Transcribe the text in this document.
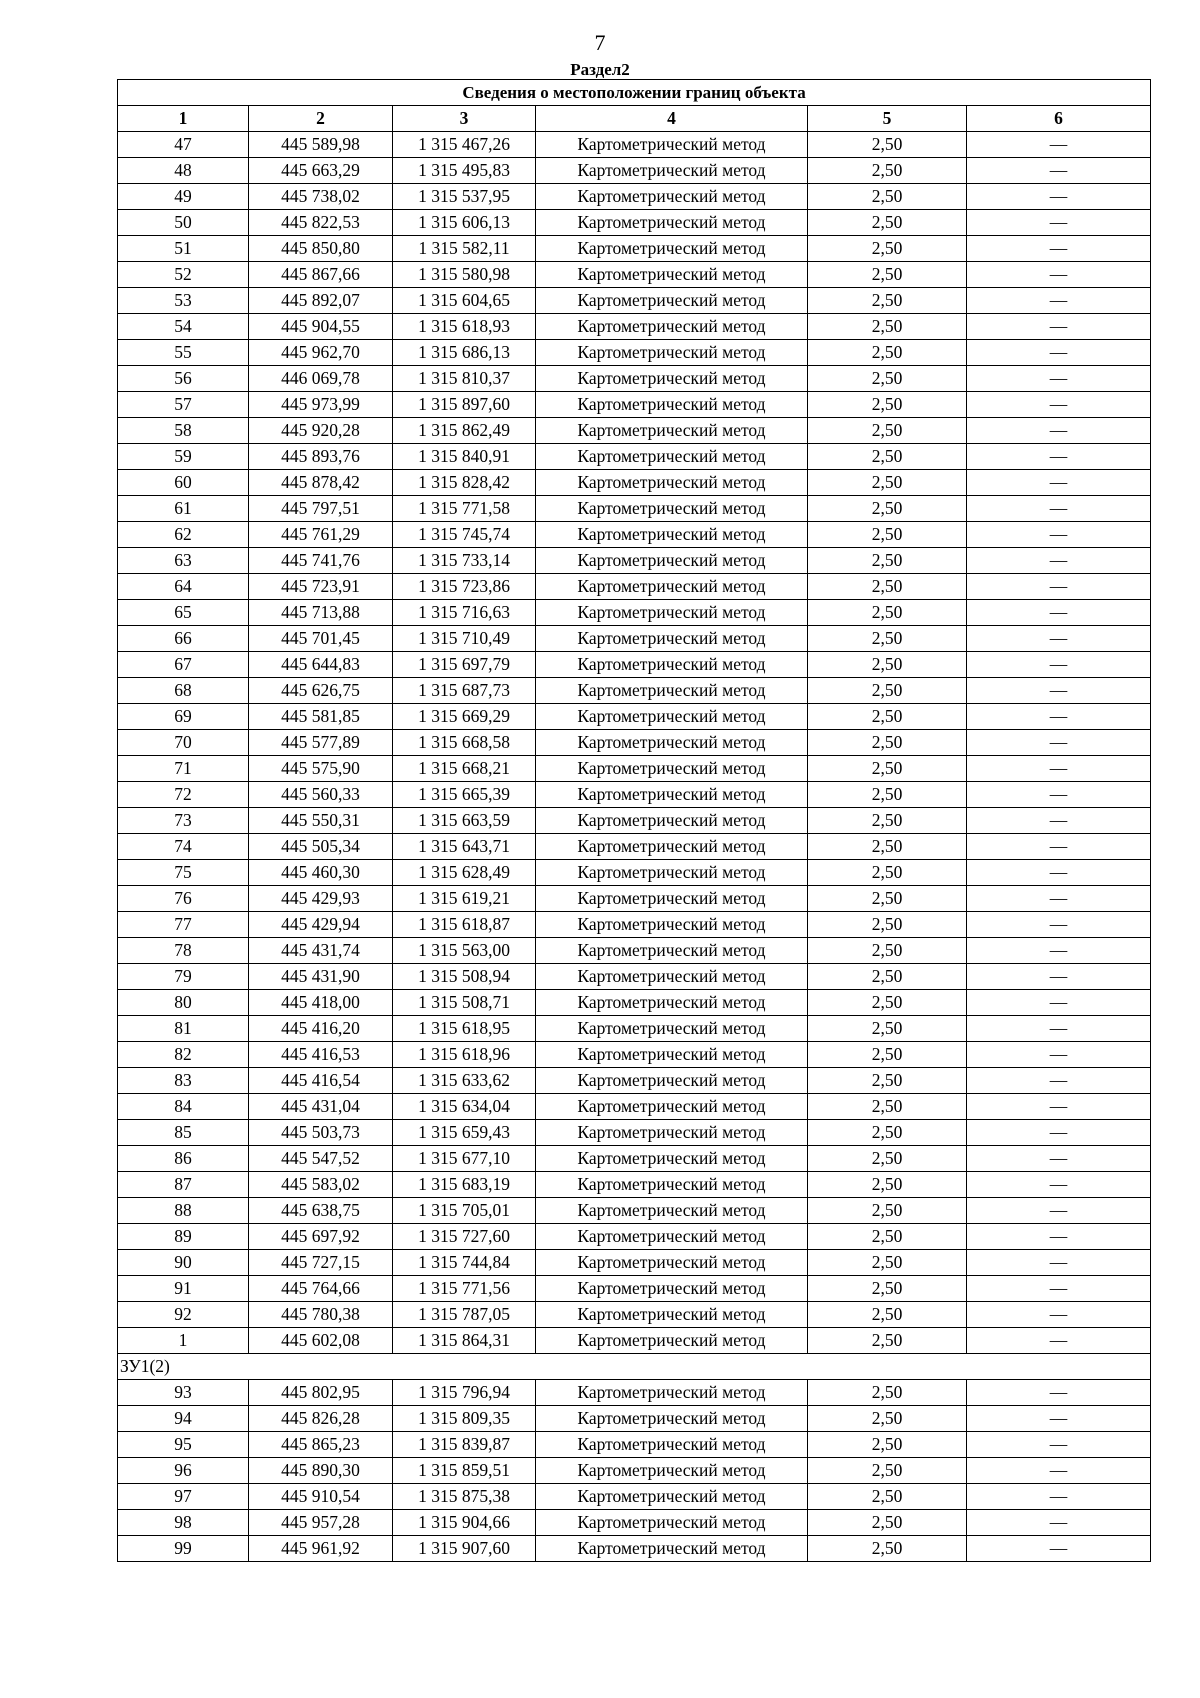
7
Раздел2
Сведения о местоположении границ объекта					
1	2	3	4	5	6
47	445 589,98	1 315 467,26	Картометрический метод	2,50	—
48	445 663,29	1 315 495,83	Картометрический метод	2,50	—
49	445 738,02	1 315 537,95	Картометрический метод	2,50	—
50	445 822,53	1 315 606,13	Картометрический метод	2,50	—
51	445 850,80	1 315 582,11	Картометрический метод	2,50	—
52	445 867,66	1 315 580,98	Картометрический метод	2,50	—
53	445 892,07	1 315 604,65	Картометрический метод	2,50	—
54	445 904,55	1 315 618,93	Картометрический метод	2,50	—
55	445 962,70	1 315 686,13	Картометрический метод	2,50	—
56	446 069,78	1 315 810,37	Картометрический метод	2,50	—
57	445 973,99	1 315 897,60	Картометрический метод	2,50	—
58	445 920,28	1 315 862,49	Картометрический метод	2,50	—
59	445 893,76	1 315 840,91	Картометрический метод	2,50	—
60	445 878,42	1 315 828,42	Картометрический метод	2,50	—
61	445 797,51	1 315 771,58	Картометрический метод	2,50	—
62	445 761,29	1 315 745,74	Картометрический метод	2,50	—
63	445 741,76	1 315 733,14	Картометрический метод	2,50	—
64	445 723,91	1 315 723,86	Картометрический метод	2,50	—
65	445 713,88	1 315 716,63	Картометрический метод	2,50	—
66	445 701,45	1 315 710,49	Картометрический метод	2,50	—
67	445 644,83	1 315 697,79	Картометрический метод	2,50	—
68	445 626,75	1 315 687,73	Картометрический метод	2,50	—
69	445 581,85	1 315 669,29	Картометрический метод	2,50	—
70	445 577,89	1 315 668,58	Картометрический метод	2,50	—
71	445 575,90	1 315 668,21	Картометрический метод	2,50	—
72	445 560,33	1 315 665,39	Картометрический метод	2,50	—
73	445 550,31	1 315 663,59	Картометрический метод	2,50	—
74	445 505,34	1 315 643,71	Картометрический метод	2,50	—
75	445 460,30	1 315 628,49	Картометрический метод	2,50	—
76	445 429,93	1 315 619,21	Картометрический метод	2,50	—
77	445 429,94	1 315 618,87	Картометрический метод	2,50	—
78	445 431,74	1 315 563,00	Картометрический метод	2,50	—
79	445 431,90	1 315 508,94	Картометрический метод	2,50	—
80	445 418,00	1 315 508,71	Картометрический метод	2,50	—
81	445 416,20	1 315 618,95	Картометрический метод	2,50	—
82	445 416,53	1 315 618,96	Картометрический метод	2,50	—
83	445 416,54	1 315 633,62	Картометрический метод	2,50	—
84	445 431,04	1 315 634,04	Картометрический метод	2,50	—
85	445 503,73	1 315 659,43	Картометрический метод	2,50	—
86	445 547,52	1 315 677,10	Картометрический метод	2,50	—
87	445 583,02	1 315 683,19	Картометрический метод	2,50	—
88	445 638,75	1 315 705,01	Картометрический метод	2,50	—
89	445 697,92	1 315 727,60	Картометрический метод	2,50	—
90	445 727,15	1 315 744,84	Картометрический метод	2,50	—
91	445 764,66	1 315 771,56	Картометрический метод	2,50	—
92	445 780,38	1 315 787,05	Картометрический метод	2,50	—
1	445 602,08	1 315 864,31	Картометрический метод	2,50	—
ЗУ1(2)					
93	445 802,95	1 315 796,94	Картометрический метод	2,50	—
94	445 826,28	1 315 809,35	Картометрический метод	2,50	—
95	445 865,23	1 315 839,87	Картометрический метод	2,50	—
96	445 890,30	1 315 859,51	Картометрический метод	2,50	—
97	445 910,54	1 315 875,38	Картометрический метод	2,50	—
98	445 957,28	1 315 904,66	Картометрический метод	2,50	—
99	445 961,92	1 315 907,60	Картометрический метод	2,50	—
